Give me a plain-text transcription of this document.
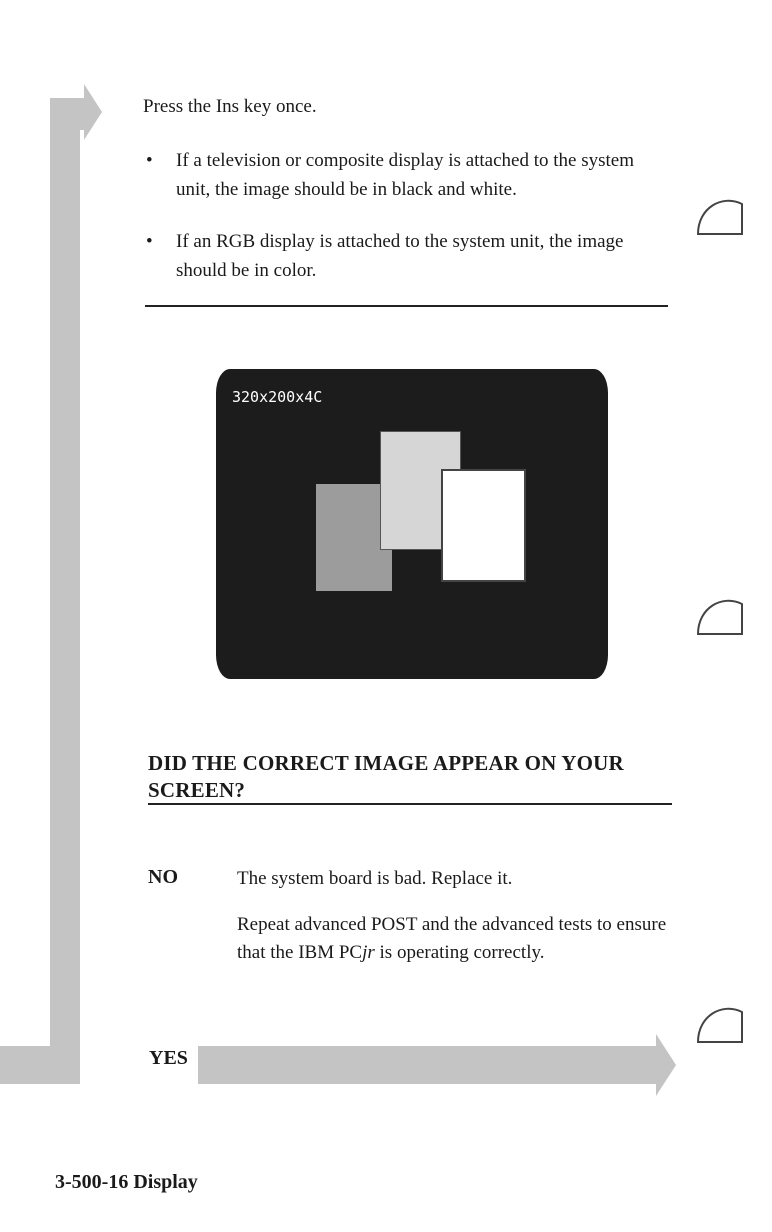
Press the Ins key once.
• If a television or composite display is attached to the system unit, the image should be in black and white.
• If an RGB display is attached to the system unit, the image should be in color.
320x200x4C
DID THE CORRECT IMAGE APPEAR ON YOUR SCREEN?
NO	The system board is bad. Replace it.

Repeat advanced POST and the advanced tests to ensure that the IBM PCjr is operating correctly.

YES
3-500-16 Display
